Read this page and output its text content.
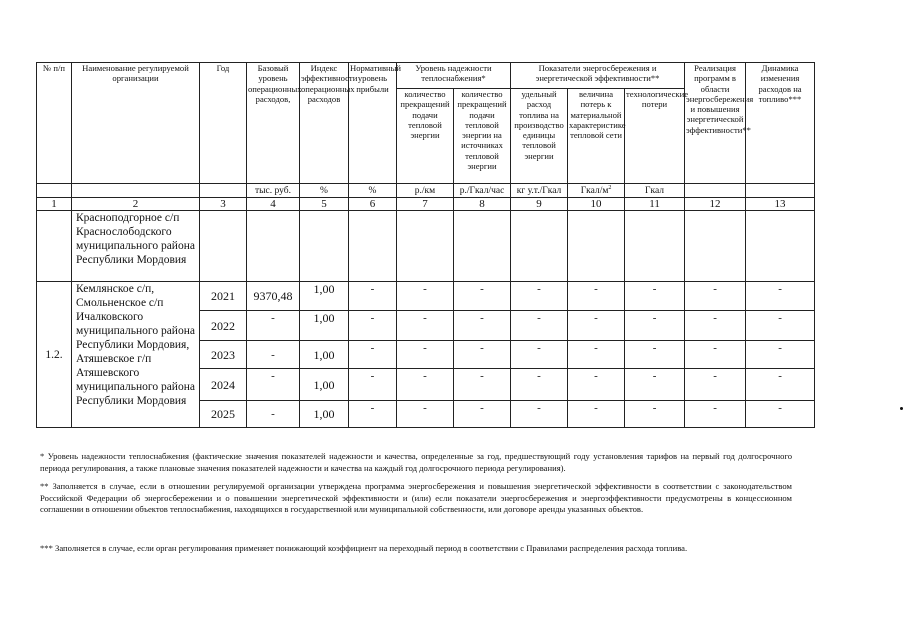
№ п/п	Наименование регулируемой организации	Год	Базовый уровень операционных расходов,	Индекс эффективности операционных расходов	Нормативный уровень прибыли	Уровень надежности теплоснабжения*		Показатели энергосбережения и энергетической эффективности**			Реализация программ в области энергосбережения и повышения энергетической эффективности**	Динамика изменения расходов на топливо***
						количество прекращений подачи тепловой энергии	количество прекращений подачи тепловой энергии на источниках тепловой энергии	удельный расход топлива на производство единицы тепловой энергии	величина потерь к материальной характеристике тепловой сети	технологические потери		
			тыс. руб.	%	%	р./км	р./Гкал/час	кг у.т./Гкал	Гкал/$м^2$	Гкал		
1	2	3	4	5	6	7	8	9	10	11	12	13
	Красноподгорное с/п Краснослободского муниципального района Республики Мордовия											
1.2.	Кемлянское с/п, Смольненское с/п Ичалковского муниципального района Республики Мордовия, Атяшевское г/п Атяшевского муниципального района Республики Мордовия	2021	9370,48	1,00	-	-	-	-	-	-	-	-
		2022	-	1,00	-	-	-	-	-	-	-	-
		2023	-	1,00	-	-	-	-	-	-	-	-
		2024	-	1,00	-	-	-	-	-	-	-	-
		2025	-	1,00	-	-	-	-	-	-	-	-
* Уровень надежности теплоснабжения (фактические значения показателей надежности и качества, определенные за год, предшествующий году установления тарифов на первый год долгосрочного периода регулирования, а также плановые значения показателей надежности и качества на каждый год долгосрочного периода регулирования).
** Заполняется в случае, если в отношении регулируемой организации утверждена программа энергосбережения и повышения энергетической эффективности в соответствии с законодательством Российской Федерации об энергосбережении и о повышении энергетической эффективности и (или) если показатели энергосбережения и энергоэффективности предусмотрены в концессионном соглашении в отношении объектов теплоснабжения, находящихся в государственной или муниципальной собственности, или договоре аренды указанных объектов.
*** Заполняется в случае, если орган регулирования применяет понижающий коэффициент на переходный период в соответствии с Правилами распределения расхода топлива.
